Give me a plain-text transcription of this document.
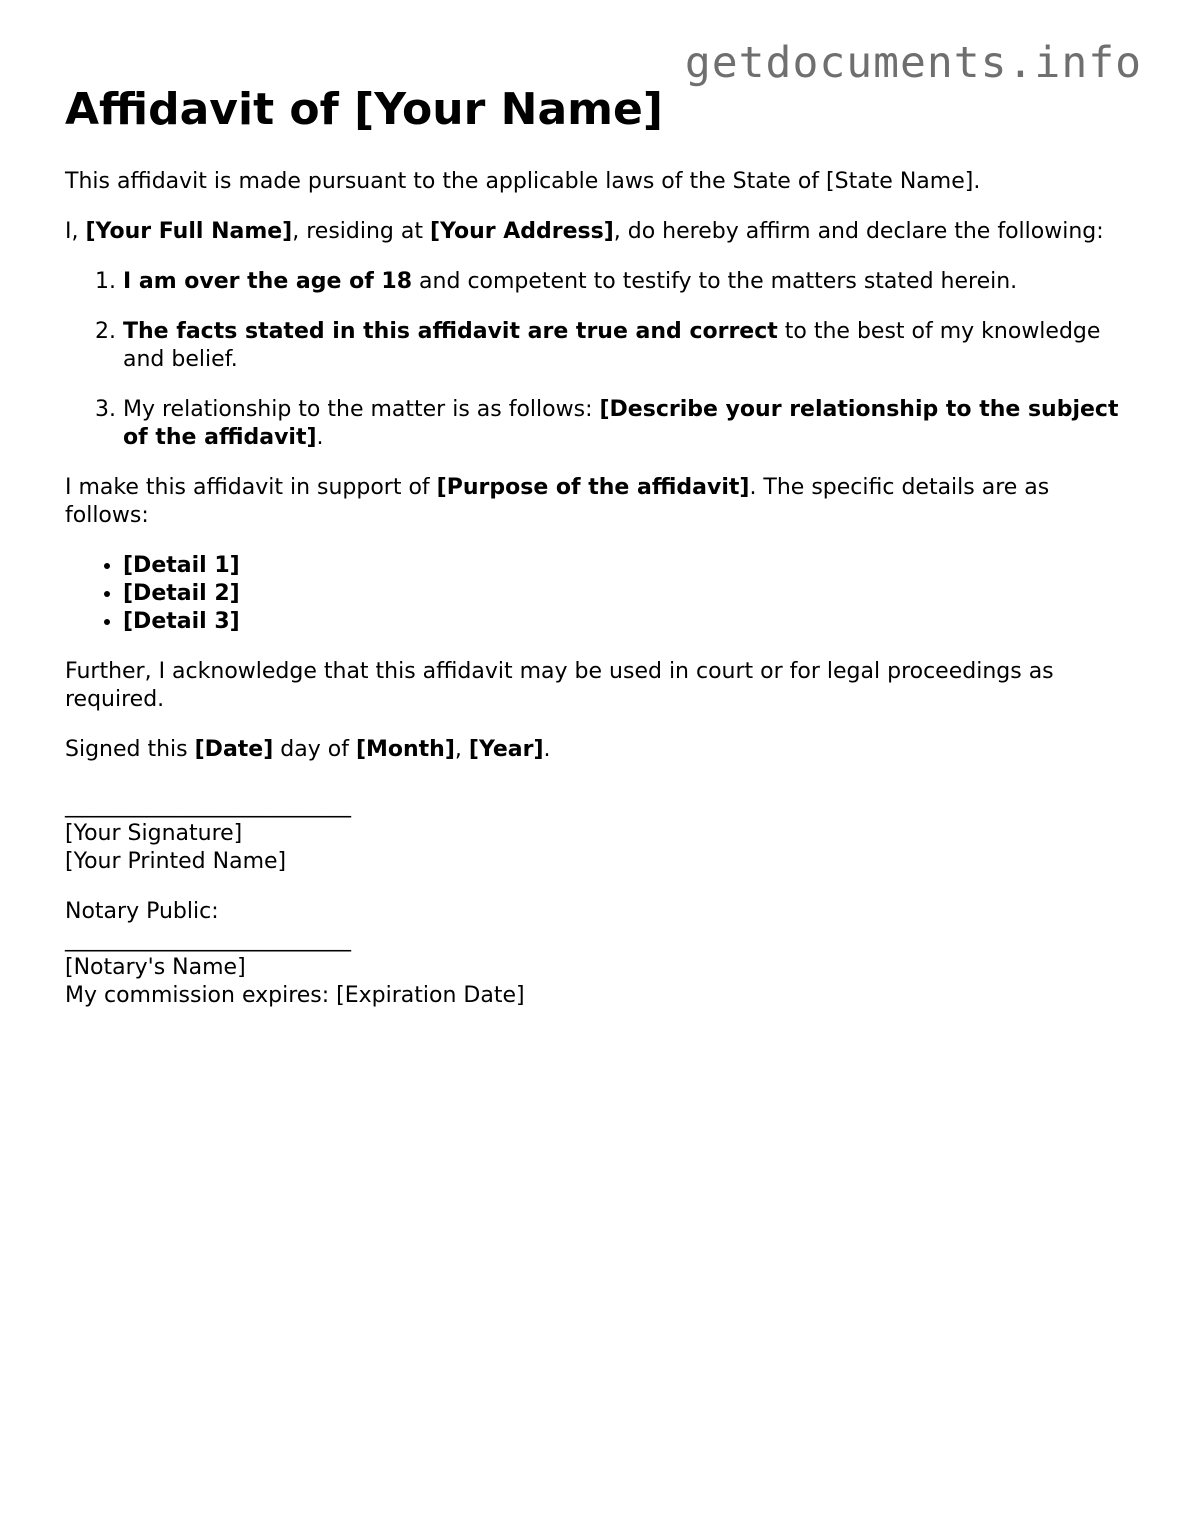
getdocuments.info
Affidavit of [Your Name]

This affidavit is made pursuant to the applicable laws of the State of [State Name].

I, [Your Full Name], residing at [Your Address], do hereby affirm and declare the following:

1. I am over the age of 18 and competent to testify to the matters stated herein.
2. The facts stated in this affidavit are true and correct to the best of my knowledge and belief.
3. My relationship to the matter is as follows: [Describe your relationship to the subject of the affidavit].

I make this affidavit in support of [Purpose of the affidavit]. The specific details are as follows:

• [Detail 1]
• [Detail 2]
• [Detail 3]

Further, I acknowledge that this affidavit may be used in court or for legal proceedings as required.

Signed this [Date] day of [Month], [Year].

__________________________
[Your Signature]
[Your Printed Name]
Notary Public:
__________________________
[Notary's Name]
My commission expires: [Expiration Date]
